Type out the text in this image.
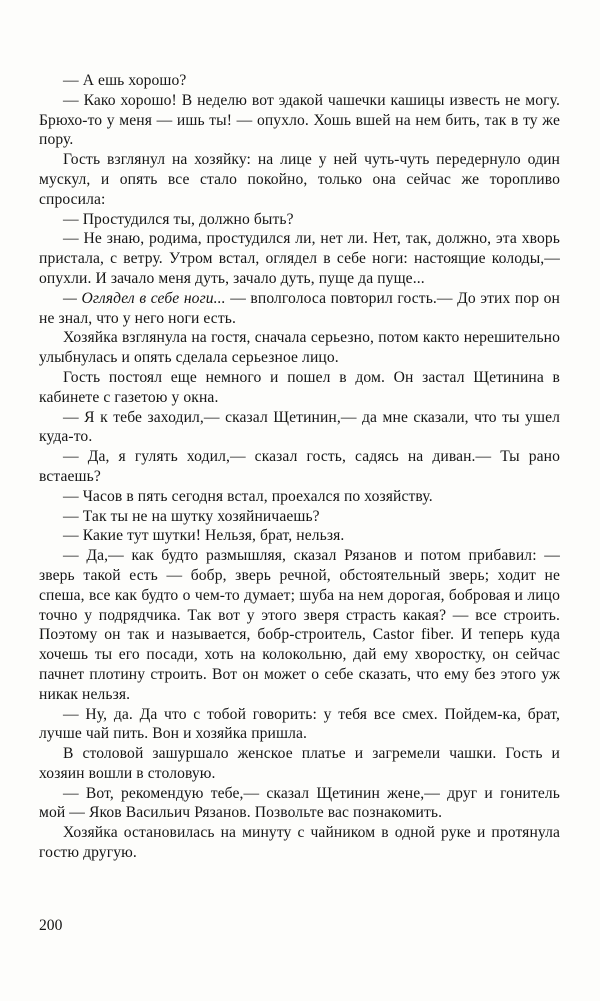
— А ешь хорошо?

— Како хорошо! В неделю вот эдакой чашечки кашицы известь не могу. Брюхо-то у меня — ишь ты! — опухло. Хошь вшей на нем бить, так в ту же пору.

Гость взглянул на хозяйку: на лице у ней чуть-чуть передернуло один мускул, и опять все стало покойно, только она сейчас же торопливо спросила:

— Простудился ты, должно быть?

— Не знаю, родима, простудился ли, нет ли. Нет, так, должно, эта хворь пристала, с ветру. Утром встал, оглядел в себе ноги: настоящие колоды,— опухли. И зачало меня дуть, зачало дуть, пуще да пуще...

— Оглядел в себе ноги... — вполголоса повторил гость.— До этих пор он не знал, что у него ноги есть.

Хозяйка взглянула на гостя, сначала серьезно, потом както нерешительно улыбнулась и опять сделала серьезное лицо.

Гость постоял еще немного и пошел в дом. Он застал Щетинина в кабинете с газетою у окна.

— Я к тебе заходил,— сказал Щетинин,— да мне сказали, что ты ушел куда-то.

— Да, я гулять ходил,— сказал гость, садясь на диван.— Ты рано встаешь?

— Часов в пять сегодня встал, проехался по хозяйству.

— Так ты не на шутку хозяйничаешь?

— Какие тут шутки! Нельзя, брат, нельзя.

— Да,— как будто размышляя, сказал Рязанов и потом прибавил: — зверь такой есть — бобр, зверь речной, обстоятельный зверь; ходит не спеша, все как будто о чем-то думает; шуба на нем дорогая, бобровая и лицо точно у подрядчика. Так вот у этого зверя страсть какая? — все строить. Поэтому он так и называется, бобр-строитель, Castor fiber. И теперь куда хочешь ты его посади, хоть на колокольню, дай ему хворостку, он сейчас пачнет плотину строить. Вот он может о себе сказать, что ему без этого уж никак нельзя.

— Ну, да. Да что с тобой говорить: у тебя все смех. Пойдем-ка, брат, лучше чай пить. Вон и хозяйка пришла.

В столовой зашуршало женское платье и загремели чашки. Гость и хозяин вошли в столовую.

— Вот, рекомендую тебе,— сказал Щетинин жене,— друг и гонитель мой — Яков Васильич Рязанов. Позвольте вас познакомить.

Хозяйка остановилась на минуту с чайником в одной руке и протянула гостю другую.

200
